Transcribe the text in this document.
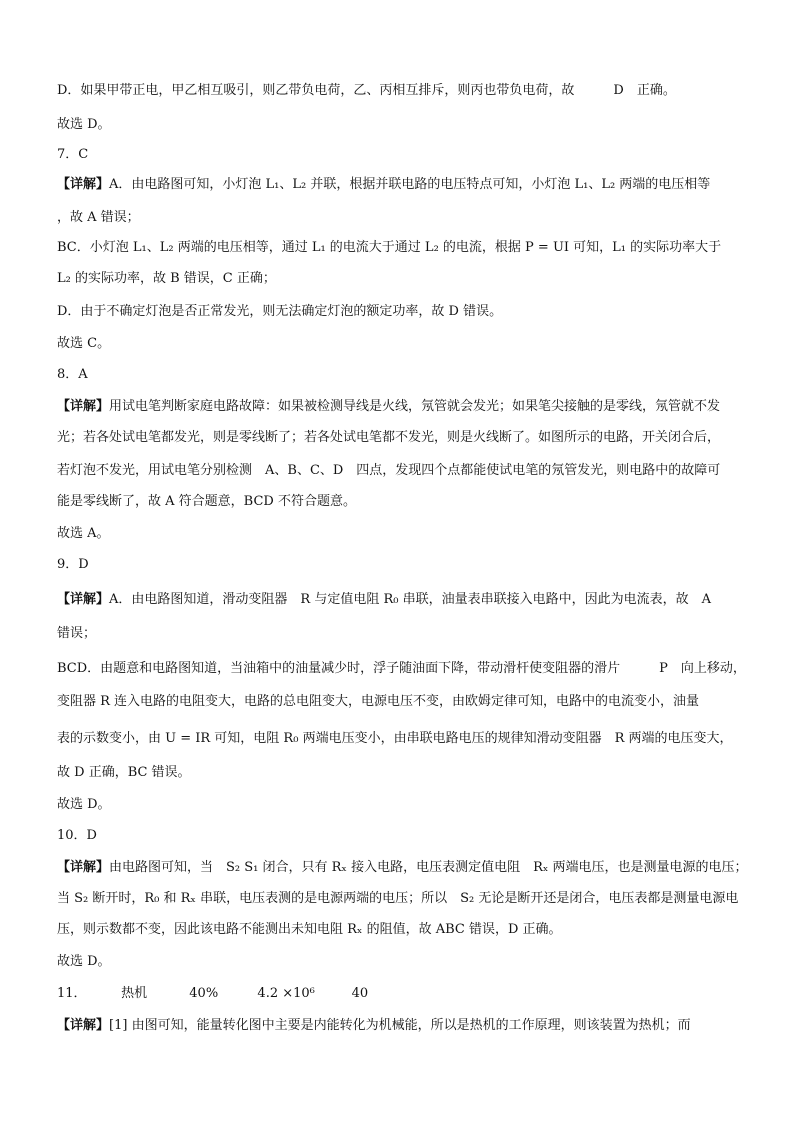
D．如果甲带正电，甲乙相互吸引，则乙带负电荷，乙、丙相互排斥，则丙也带负电荷，故　　　D　正确。
故选 D。
7．C
【详解】A．由电路图可知，小灯泡 L₁、L₂ 并联，根据并联电路的电压特点可知，小灯泡 L₁、L₂ 两端的电压相等
，故 A 错误；
BC．小灯泡 L₁、L₂ 两端的电压相等，通过 L₁ 的电流大于通过 L₂ 的电流，根据 P = UI 可知，L₁ 的实际功率大于
L₂ 的实际功率，故 B 错误，C 正确；
D．由于不确定灯泡是否正常发光，则无法确定灯泡的额定功率，故 D 错误。
故选 C。
8．A
【详解】用试电笔判断家庭电路故障：如果被检测导线是火线，氖管就会发光；如果笔尖接触的是零线，氖管就不发
光；若各处试电笔都发光，则是零线断了；若各处试电笔都不发光，则是火线断了。如图所示的电路，开关闭合后，
若灯泡不发光，用试电笔分别检测　A、B、C、D　四点，发现四个点都能使试电笔的氖管发光，则电路中的故障可
能是零线断了，故 A 符合题意，BCD 不符合题意。
故选 A。
9．D
【详解】A．由电路图知道，滑动变阻器　R 与定值电阻 R₀ 串联，油量表串联接入电路中，因此为电流表，故　A
错误；
BCD．由题意和电路图知道，当油箱中的油量减少时，浮子随油面下降，带动滑杆使变阻器的滑片　　　P　向上移动，
变阻器 R 连入电路的电阻变大，电路的总电阻变大，电源电压不变，由欧姆定律可知，电路中的电流变小，油量
表的示数变小，由 U = IR 可知，电阻 R₀ 两端电压变小，由串联电路电压的规律知滑动变阻器　R 两端的电压变大，
故 D 正确，BC 错误。
故选 D。
10．D
【详解】由电路图可知，当　S₂ S₁ 闭合，只有 Rₓ 接入电路，电压表测定值电阻　Rₓ 两端电压，也是测量电源的电压；
当 S₂ 断开时，R₀ 和 Rₓ 串联，电压表测的是电源两端的电压；所以　S₂ 无论是断开还是闭合，电压表都是测量电源电
压，则示数都不变，因此该电路不能测出未知电阻 Rₓ 的阻值，故 ABC 错误，D 正确。
故选 D。
11．	热机	40%	4.2 ×10⁶	40
【详解】[1] 由图可知，能量转化图中主要是内能转化为机械能，所以是热机的工作原理，则该装置为热机；而
